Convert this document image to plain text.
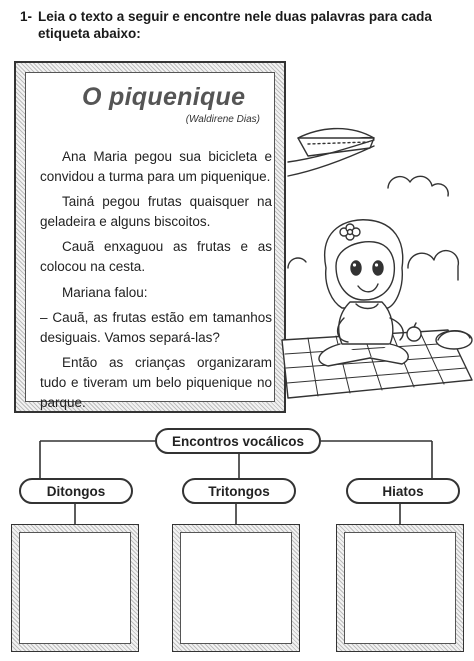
1- Leia o texto a seguir e encontre nele duas palavras para cada etiqueta abaixo:
O piquenique
(Waldirene Dias)

Ana Maria pegou sua bicicleta e convidou a turma para um piquenique.

Tainá pegou frutas quaisquer na geladeira e alguns biscoitos.

Cauã enxaguou as frutas e as colocou na cesta.

Mariana falou:

– Cauã, as frutas estão em tamanhos desiguais. Vamos separá-las?

Então as crianças organizaram tudo e tiveram um belo piquenique no parque.

Encontros vocálicos
Ditongos	Tritongos	Hiatos
